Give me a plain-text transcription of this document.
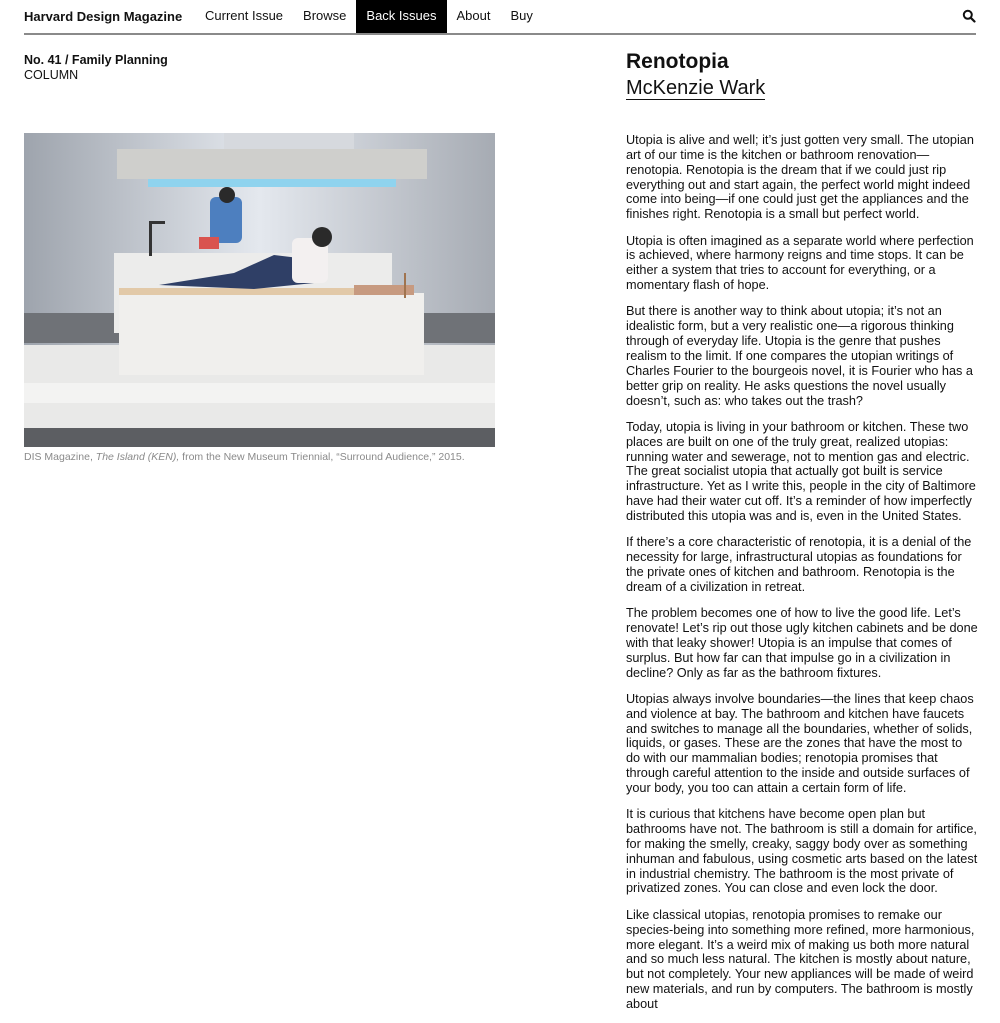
Harvard Design Magazine	Current Issue	Browse	Back Issues	About	Buy
No. 41 / Family Planning
COLUMN
DIS Magazine, The Island (KEN), from the New Museum Triennial, “Surround Audience,” 2015.
Renotopia
McKenzie Wark

Utopia is alive and well; it’s just gotten very small. The utopian art of our time is the kitchen or bathroom renovation—renotopia. Renotopia is the dream that if we could just rip everything out and start again, the perfect world might indeed come into being—if one could just get the appliances and the finishes right. Renotopia is a small but perfect world.

Utopia is often imagined as a separate world where perfection is achieved, where harmony reigns and time stops. It can be either a system that tries to account for everything, or a momentary flash of hope.

But there is another way to think about utopia; it’s not an idealistic form, but a very realistic one—a rigorous thinking through of everyday life. Utopia is the genre that pushes realism to the limit. If one compares the utopian writings of Charles Fourier to the bourgeois novel, it is Fourier who has a better grip on reality. He asks questions the novel usually doesn’t, such as: who takes out the trash?

Today, utopia is living in your bathroom or kitchen. These two places are built on one of the truly great, realized utopias: running water and sewerage, not to mention gas and electric. The great socialist utopia that actually got built is service infrastructure. Yet as I write this, people in the city of Baltimore have had their water cut off. It’s a reminder of how imperfectly distributed this utopia was and is, even in the United States.

If there’s a core characteristic of renotopia, it is a denial of the necessity for large, infrastructural utopias as foundations for the private ones of kitchen and bathroom. Renotopia is the dream of a civilization in retreat.

The problem becomes one of how to live the good life. Let’s renovate! Let’s rip out those ugly kitchen cabinets and be done with that leaky shower! Utopia is an impulse that comes of surplus. But how far can that impulse go in a civilization in decline? Only as far as the bathroom fixtures.

Utopias always involve boundaries—the lines that keep chaos and violence at bay. The bathroom and kitchen have faucets and switches to manage all the boundaries, whether of solids, liquids, or gases. These are the zones that have the most to do with our mammalian bodies; renotopia promises that through careful attention to the inside and outside surfaces of your body, you too can attain a certain form of life.

It is curious that kitchens have become open plan but bathrooms have not. The bathroom is still a domain for artifice, for making the smelly, creaky, saggy body over as something inhuman and fabulous, using cosmetic arts based on the latest in industrial chemistry. The bathroom is the most private of privatized zones. You can close and even lock the door.

Like classical utopias, renotopia promises to remake our species-being into something more refined, more harmonious, more elegant. It’s a weird mix of making us both more natural and so much less natural. The kitchen is mostly about nature, but not completely. Your new appliances will be made of weird new materials, and run by computers. The bathroom is mostly about
